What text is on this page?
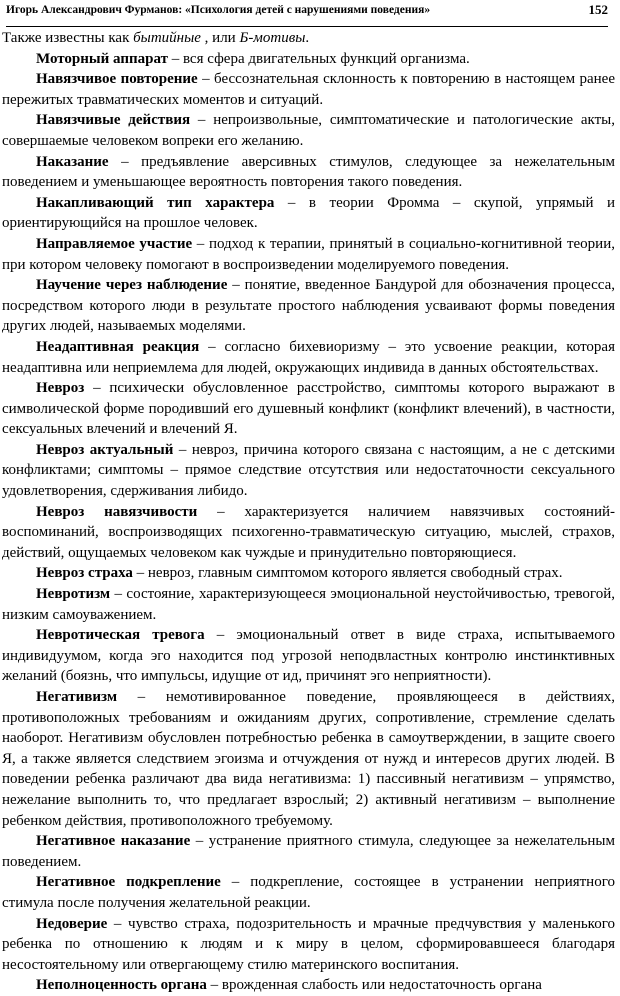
Игорь Александрович Фурманов: «Психология детей с нарушениями поведения»	152

Также известны как бытийные , или Б-мотивы.

Моторный аппарат – вся сфера двигательных функций организма.

Навязчивое повторение – бессознательная склонность к повторению в настоящем ранее пережитых травматических моментов и ситуаций.

Навязчивые действия – непроизвольные, симптоматические и патологические акты, совершаемые человеком вопреки его желанию.

Наказание – предъявление аверсивных стимулов, следующее за нежелательным поведением и уменьшающее вероятность повторения такого поведения.

Накапливающий тип характера – в теории Фромма – скупой, упрямый и ориентирующийся на прошлое человек.

Направляемое участие – подход к терапии, принятый в социально-когнитивной теории, при котором человеку помогают в воспроизведении моделируемого поведения.

Научение через наблюдение – понятие, введенное Бандурой для обозначения процесса, посредством которого люди в результате простого наблюдения усваивают формы поведения других людей, называемых моделями.

Неадаптивная реакция – согласно бихевиоризму – это усвоение реакции, которая неадаптивна или неприемлема для людей, окружающих индивида в данных обстоятельствах.

Невроз – психически обусловленное расстройство, симптомы которого выражают в символической форме породивший его душевный конфликт (конфликт влечений), в частности, сексуальных влечений и влечений Я.

Невроз актуальный – невроз, причина которого связана с настоящим, а не с детскими конфликтами; симптомы – прямое следствие отсутствия или недостаточности сексуального удовлетворения, сдерживания либидо.

Невроз навязчивости – характеризуется наличием навязчивых состояний-воспоминаний, воспроизводящих психогенно-травматическую ситуацию, мыслей, страхов, действий, ощущаемых человеком как чуждые и принудительно повторяющиеся.

Невроз страха – невроз, главным симптомом которого является свободный страх.

Невротизм – состояние, характеризующееся эмоциональной неустойчивостью, тревогой, низким самоуважением.

Невротическая тревога – эмоциональный ответ в виде страха, испытываемого индивидуумом, когда эго находится под угрозой неподвластных контролю инстинктивных желаний (боязнь, что импульсы, идущие от ид, причинят эго неприятности).

Негативизм – немотивированное поведение, проявляющееся в действиях, противоположных требованиям и ожиданиям других, сопротивление, стремление сделать наоборот. Негативизм обусловлен потребностью ребенка в самоутверждении, в защите своего Я, а также является следствием эгоизма и отчуждения от нужд и интересов других людей. В поведении ребенка различают два вида негативизма: 1) пассивный негативизм – упрямство, нежелание выполнить то, что предлагает взрослый; 2) активный негативизм – выполнение ребенком действия, противоположного требуемому.

Негативное наказание – устранение приятного стимула, следующее за нежелательным поведением.

Негативное подкрепление – подкрепление, состоящее в устранении неприятного стимула после получения желательной реакции.

Недоверие – чувство страха, подозрительность и мрачные предчувствия у маленького ребенка по отношению к людям и к миру в целом, сформировавшееся благодаря несостоятельному или отвергающему стилю материнского воспитания.

Неполноценность органа – врожденная слабость или недостаточность органа
